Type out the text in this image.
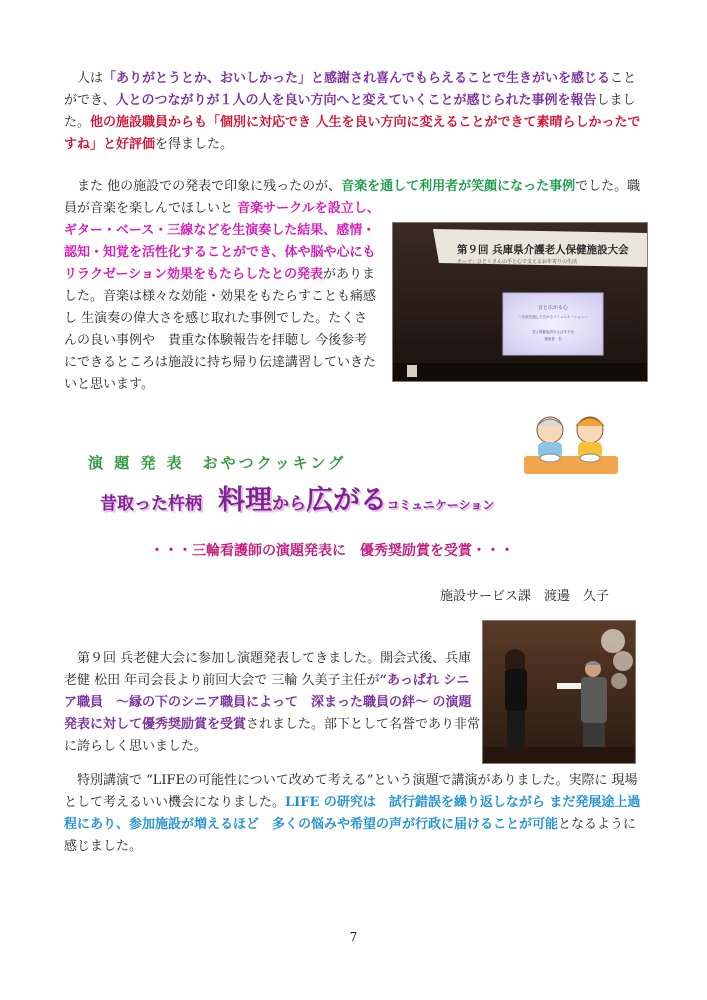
　人は「ありがとうとか、おいしかった」と感謝され喜んでもらえることで生きがいを感じることができ、人とのつながりが１人の人を良い方向へと変えていくことが感じられた事例を報告しました。他の施設職員からも「個別に対応でき 人生を良い方向に変えることができて素晴らしかったですね」と好評価を得ました。

　また 他の施設での発表で印象に残ったのが、音楽を通して利用者が笑顔になった事例でした。職員が音楽を楽しんでほしいと 音楽サークルを設立し、ギター・ベース・三線などを生演奏した結果、感情・認知・知覚を活性化することができ、体や脳や心にもリラクゼーション効果をもたらしたとの発表がありました。音楽は様々な効能・効果をもたらすことも痛感し 生演奏の偉大さを感じ取れた事例でした。たくさんの良い事例や　貴重な体験報告を拝聴し 今後参考にできるところは施設に持ち帰り伝達講習していきたいと思います。

第９回 兵庫県介護老人保健施設大会
テーマ：ひとくさんの手と心で支えるお年寄りの生活
音と広がる心
〜音楽を通して広がるコミュニケーション〜
老人保健施設あるばす平田
発表者　名
演 題 発 表　おやつクッキング
昔取った杵柄　 料理から広がるコミュニケーション
・・・三輪看護師の演題発表に　優秀奨励賞を受賞・・・
施設サービス課　渡邊　久子

　第９回 兵老健大会に参加し演題発表してきました。開会式後、兵庫老健 松田 年司会長より前回大会で 三輪 久美子主任が“あっぱれ シニア職員　〜縁の下のシニア職員によって　深まった職員の絆〜 の演題発表に対して優秀奨励賞を受賞されました。部下として名誉であり非常に誇らしく思いました。

　特別講演で “LIFEの可能性について改めて考える”という演題で講演がありました。実際に 現場として考えるいい機会になりました。LIFE の研究は　試行錯誤を繰り返しながら まだ発展途上過程にあり、参加施設が増えるほど　多くの悩みや希望の声が行政に届けることが可能となるように感じました。

7
